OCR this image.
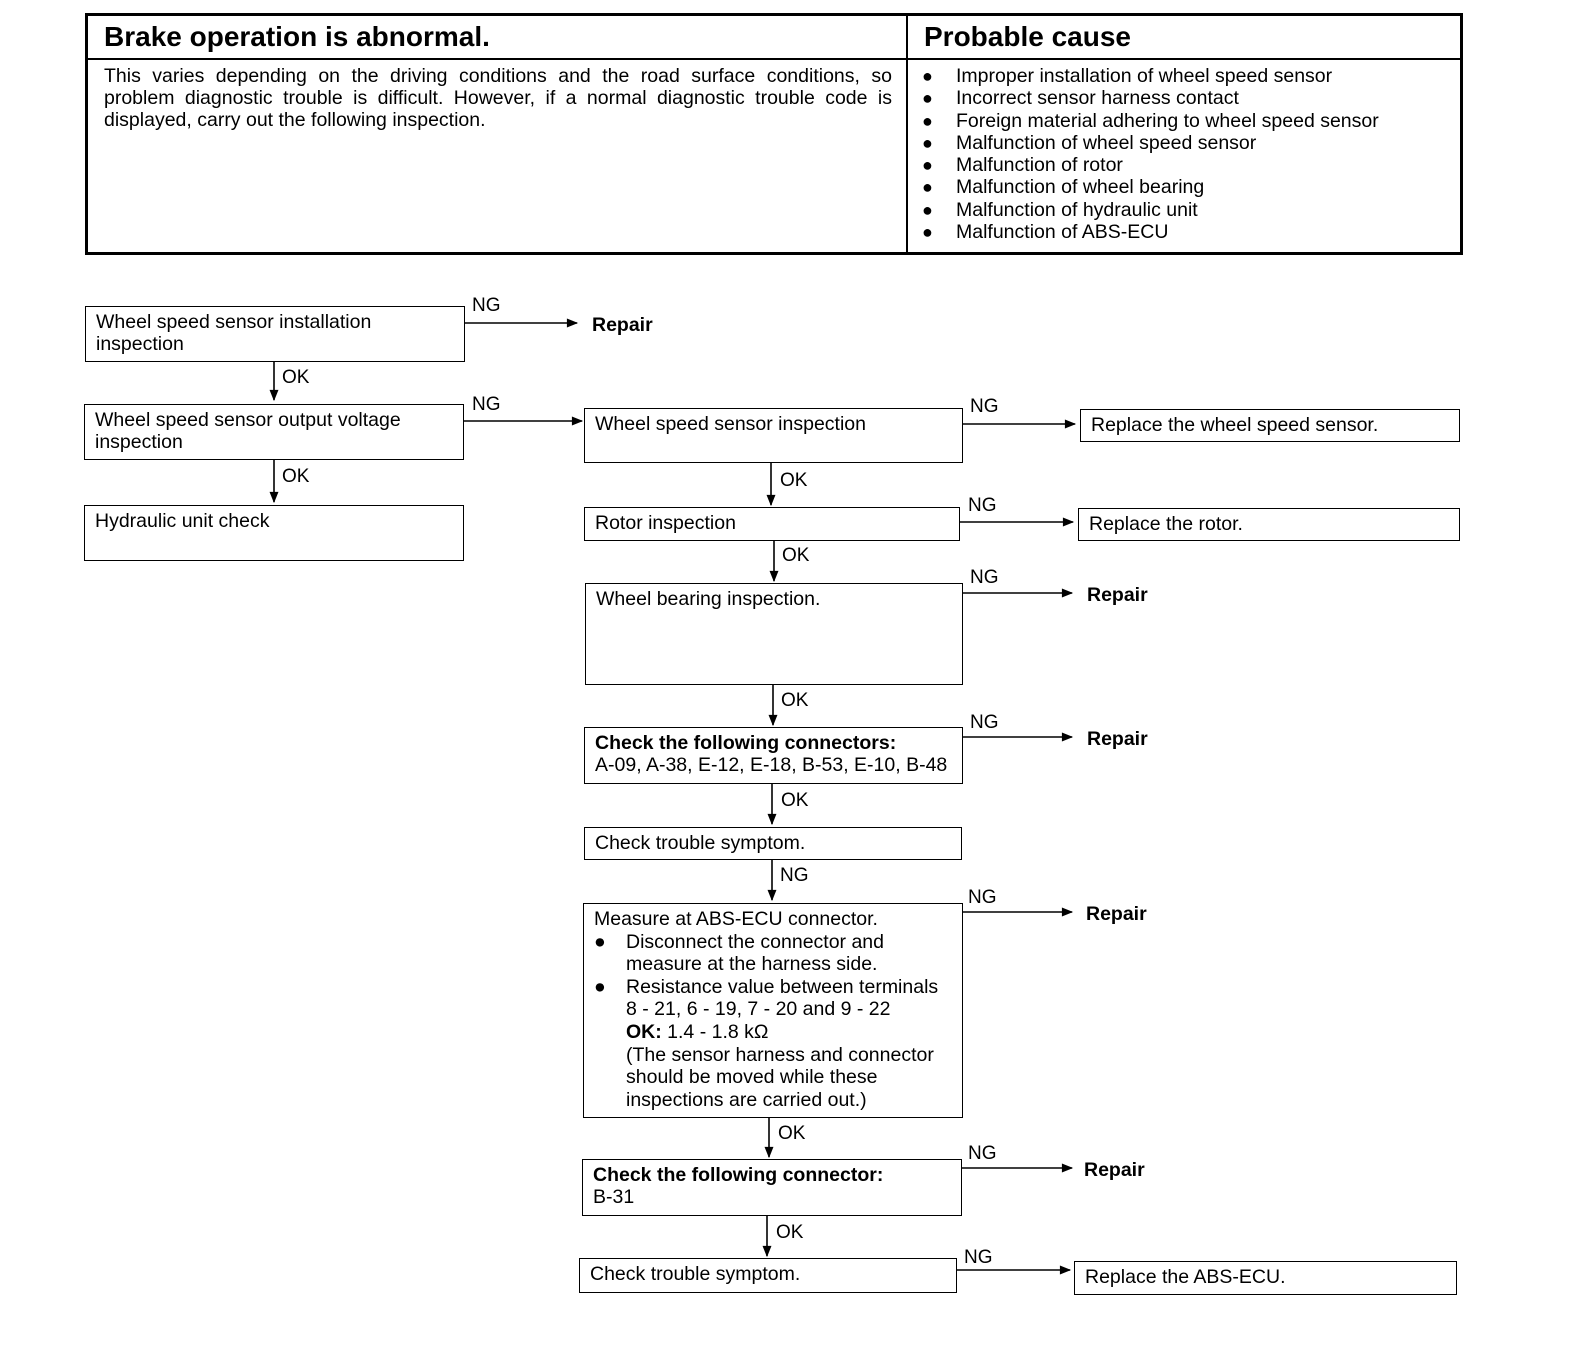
Brake operation is abnormal.
This varies depending on the driving conditions and the road surface conditions, so problem diagnostic trouble is difficult. However, if a normal diagnostic trouble code is displayed, carry out the following inspection.
Probable cause
● Improper installation of wheel speed sensor
● Incorrect sensor harness contact
● Foreign material adhering to wheel speed sensor
● Malfunction of wheel speed sensor
● Malfunction of rotor
● Malfunction of wheel bearing
● Malfunction of hydraulic unit
● Malfunction of ABS-ECU
Wheel speed sensor installation inspection
Wheel speed sensor output voltage inspection
Hydraulic unit check
Wheel speed sensor inspection
Rotor inspection
Wheel bearing inspection.
Check the following connectors:
A-09, A-38, E-12, E-18, B-53, E-10, B-48
Check trouble symptom.
Measure at ABS-ECU connector.
● Disconnect the connector and measure at the harness side.
● Resistance value between terminals 8 - 21, 6 - 19, 7 - 20 and 9 - 22
OK: 1.4 - 1.8 kΩ
(The sensor harness and connector should be moved while these inspections are carried out.)
Check the following connector:
B-31
Check trouble symptom.
Replace the wheel speed sensor.
Replace the rotor.
Replace the ABS-ECU.
Repair
Repair
Repair
Repair
Repair
NG
NG	NG
NG
NG
NG
NG
NG
NG
NG
OK
OK	OK
OK
OK
OK
OK
OK
